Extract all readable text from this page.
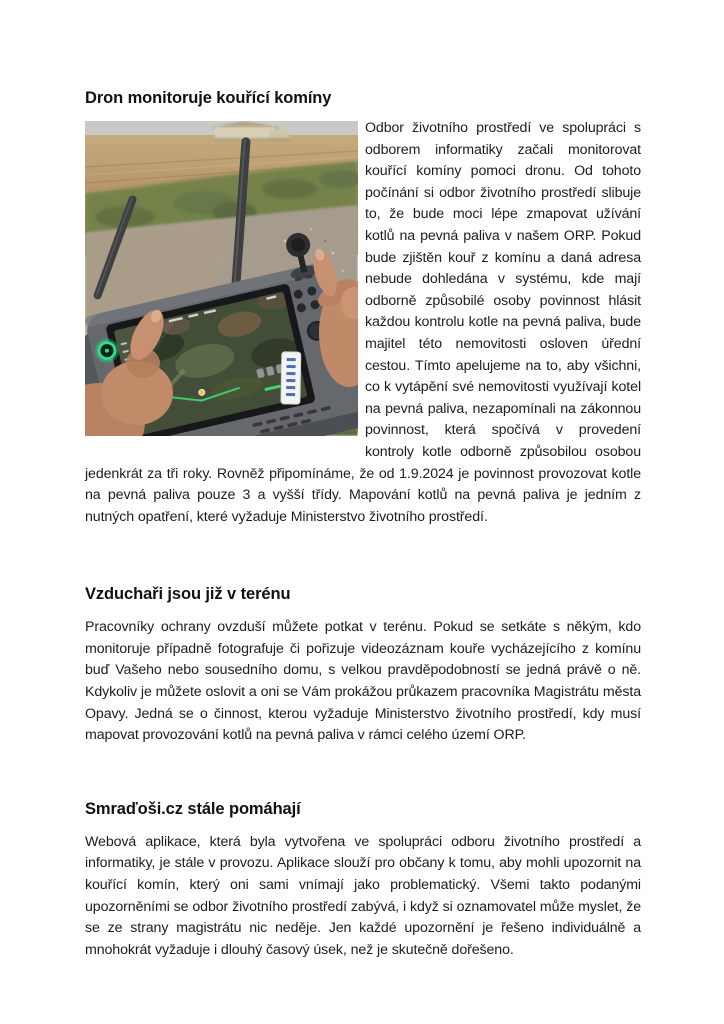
Dron monitoruje kouřící komíny

Odbor životního prostředí ve spolupráci s odborem informatiky začali monitorovat kouřící komíny pomoci dronu. Od tohoto počínání si odbor životního prostředí slibuje to, že bude moci lépe zmapovat užívání kotlů na pevná paliva v našem ORP. Pokud bude zjištěn kouř z komínu a daná adresa nebude dohledána v systému, kde mají odborně způsobilé osoby povinnost hlásit každou kontrolu kotle na pevná paliva, bude majitel této nemovitosti osloven úřední cestou. Tímto apelujeme na to, aby všichni, co k vytápění své nemovitosti využívají kotel na pevná paliva, nezapomínali na zákonnou povinnost, která spočívá v provedení kontroly kotle odborně způsobilou osobou jedenkrát za tři roky. Rovněž připomínáme, že od 1.9.2024 je povinnost provozovat kotle na pevná paliva pouze 3 a vyšší třídy. Mapování kotlů na pevná paliva je jedním z nutných opatření, které vyžaduje Ministerstvo životního prostředí.

Vzduchaři jsou již v terénu

Pracovníky ochrany ovzduší můžete potkat v terénu. Pokud se setkáte s někým, kdo monitoruje případně fotografuje či pořizuje videozáznam kouře vycházejícího z komínu buď Vašeho nebo sousedního domu, s velkou pravděpodobností se jedná právě o ně. Kdykoliv je můžete oslovit a oni se Vám prokážou průkazem pracovníka Magistrátu města Opavy. Jedná se o činnost, kterou vyžaduje Ministerstvo životního prostředí, kdy musí mapovat provozování kotlů na pevná paliva v rámci celého území ORP.

Smraďoši.cz stále pomáhají

Webová aplikace, která byla vytvořena ve spolupráci odboru životního prostředí a informatiky, je stále v provozu. Aplikace slouží pro občany k tomu, aby mohli upozornit na kouřící komín, který oni sami vnímají jako problematický. Všemi takto podanými upozorněními se odbor životního prostředí zabývá, i když si oznamovatel může myslet, že se ze strany magistrátu nic neděje. Jen každé upozornění je řešeno individuálně a mnohokrát vyžaduje i dlouhý časový úsek, než je skutečně dořešeno.
